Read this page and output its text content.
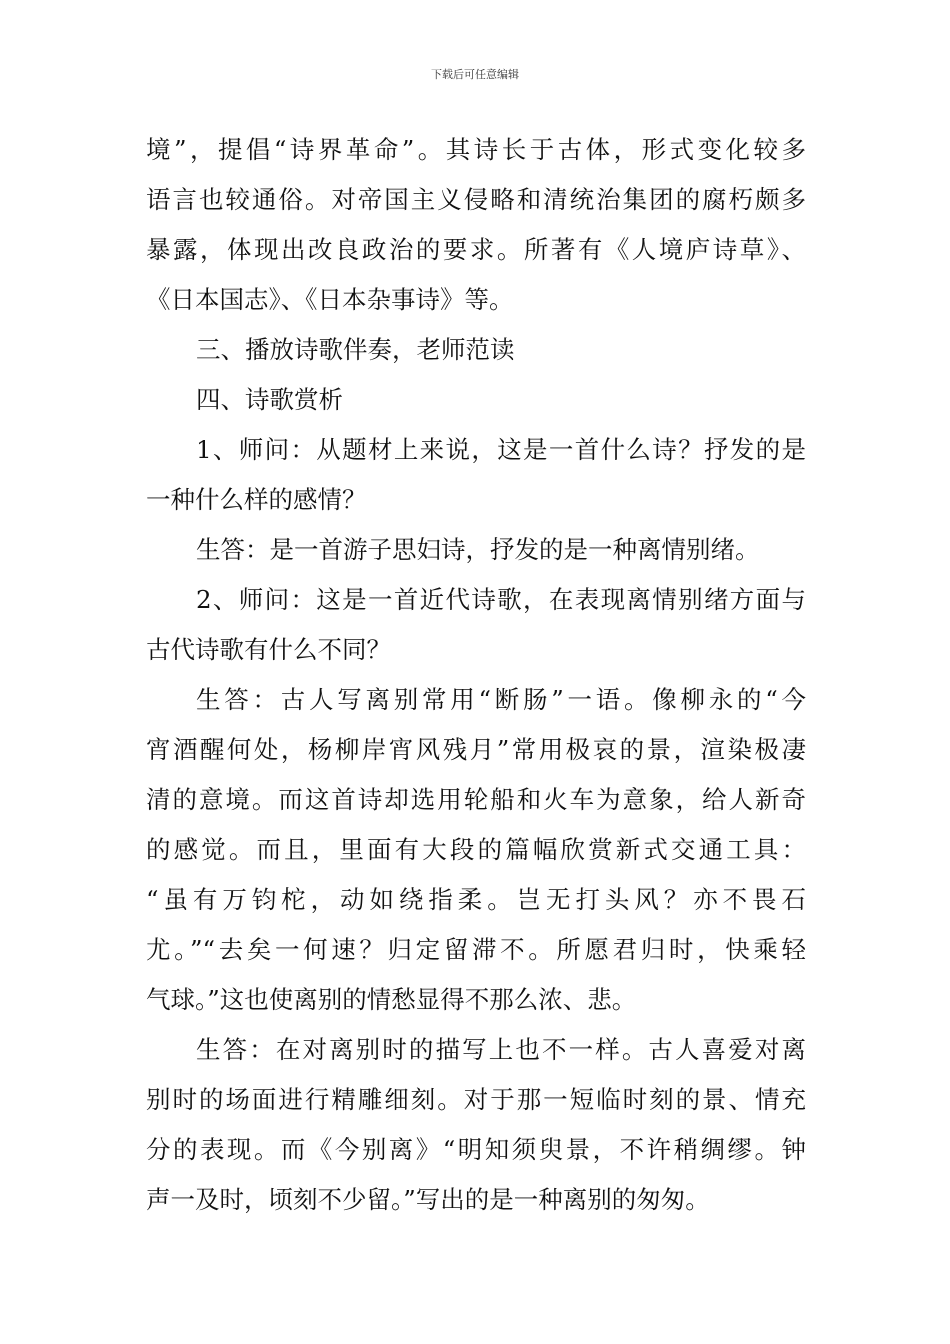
下载后可任意编辑
境”，提倡“诗界革命”。其诗长于古体，形式变化较多
语言也较通俗。对帝国主义侵略和清统治集团的腐朽颇多
暴露，体现出改良政治的要求。所著有《人境庐诗草》、
《日本国志》、《日本杂事诗》等。
三、播放诗歌伴奏，老师范读
四、诗歌赏析
1、师问：从题材上来说，这是一首什么诗？抒发的是
一种什么样的感情？
生答：是一首游子思妇诗，抒发的是一种离情别绪。
2、师问：这是一首近代诗歌，在表现离情别绪方面与
古代诗歌有什么不同？
生答：古人写离别常用“断肠”一语。像柳永的“今
宵酒醒何处，杨柳岸宵风残月”常用极哀的景，渲染极凄
清的意境。而这首诗却选用轮船和火车为意象，给人新奇
的感觉。而且，里面有大段的篇幅欣赏新式交通工具：
“虽有万钧柁，动如绕指柔。岂无打头风？亦不畏石
尤。”“去矣一何速？归定留滞不。所愿君归时，快乘轻
气球。”这也使离别的情愁显得不那么浓、悲。
生答：在对离别时的描写上也不一样。古人喜爱对离
别时的场面进行精雕细刻。对于那一短临时刻的景、情充
分的表现。而《今别离》“明知须臾景，不许稍绸缪。钟
声一及时，顷刻不少留。”写出的是一种离别的匆匆。
